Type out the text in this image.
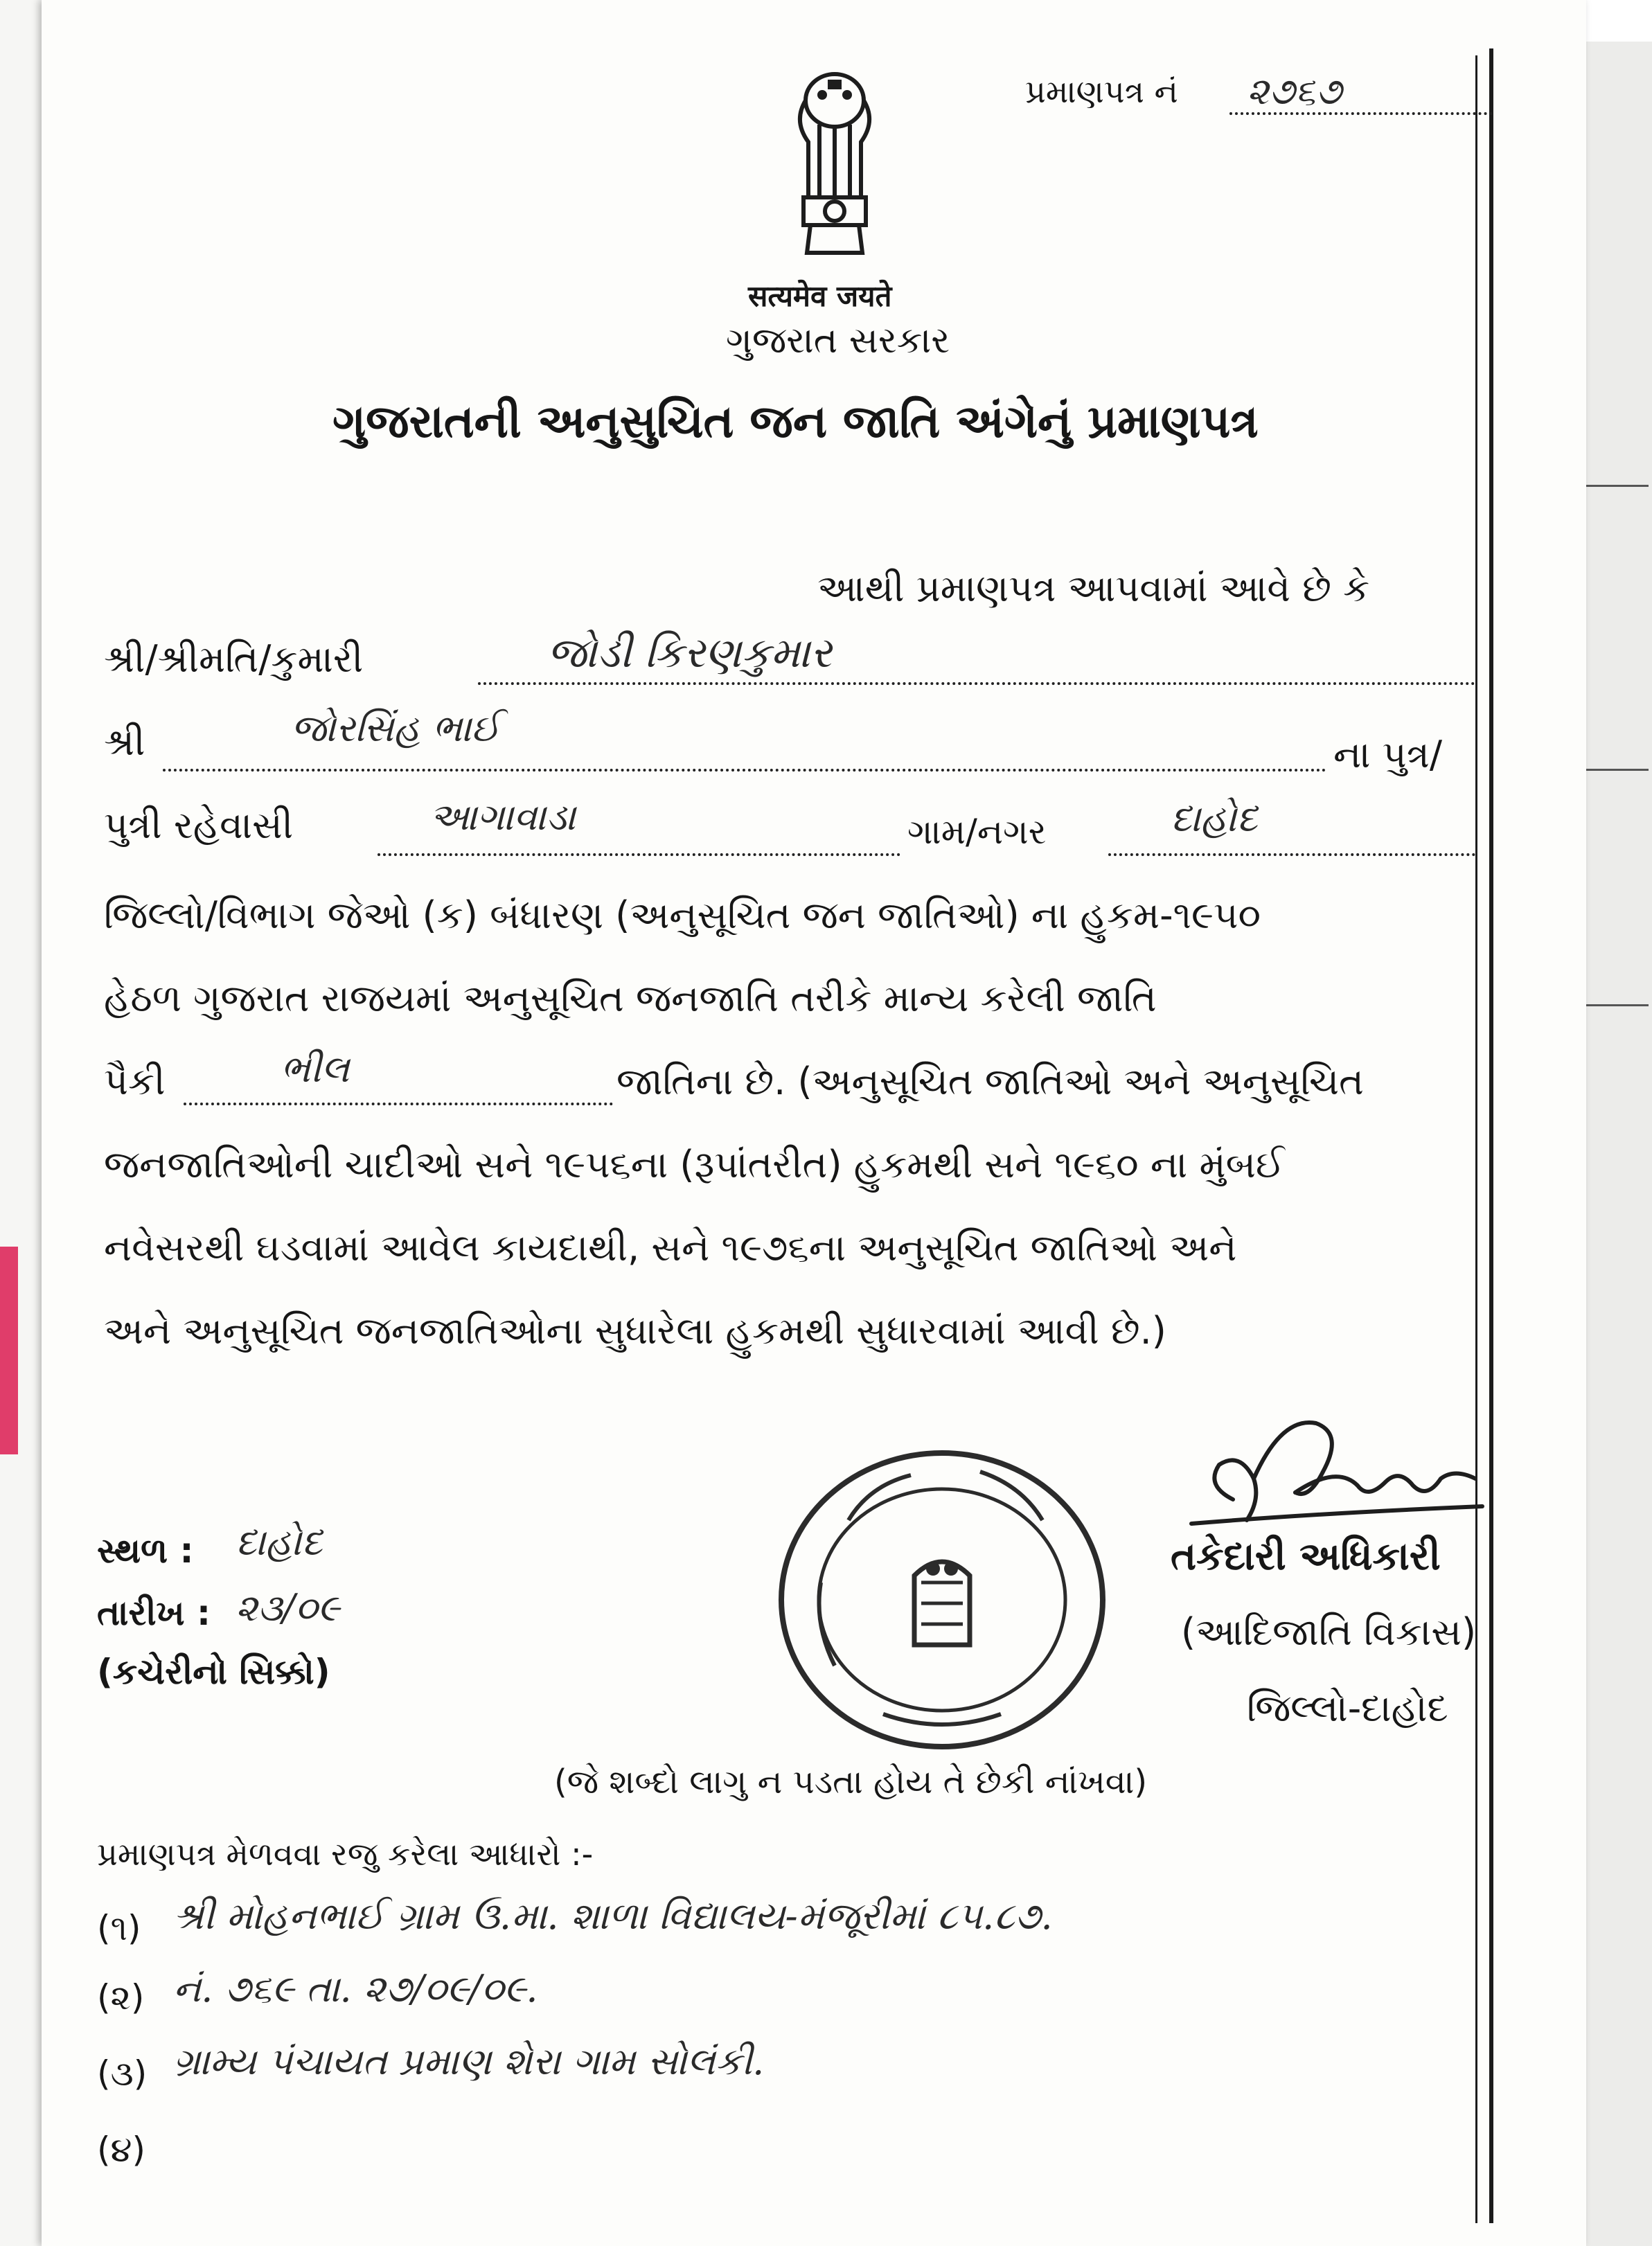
सत्यमेव जयते
ગુજરાત સરકાર
પ્રમાણપત્ર નં ૨૭૬૭
ગુજરાતની અનુસુચિત જન જાતિ અંગેનું પ્રમાણપત્ર
આથી પ્રમાણપત્ર આપવામાં આવે છે કે
શ્રી/શ્રીમતિ/કુમારી	જોડી કિરણકુમાર
શ્રી	જોરસિંહ ભાઈ
ના પુત્ર/
પુત્રી રહેવાસી	આગાવાડા	ગામ/નગર	દાહોદ
જિલ્લો/વિભાગ જેઓ (ક) બંધારણ (અનુસૂચિત જન જાતિઓ) ના હુકમ-૧૯૫૦
હેઠળ ગુજરાત રાજયમાં અનુસૂચિત જનજાતિ તરીકે માન્ય કરેલી જાતિ
પૈકી	ભીલ	જાતિના છે. (અનુસૂચિત જાતિઓ અને અનુસૂચિત
જનજાતિઓની ચાદીઓ સને ૧૯૫૬ના (રૂપાંતરીત) હુકમથી સને ૧૯૬૦ ના મુંબઈ
નવેસરથી ઘડવામાં આવેલ કાયદાથી, સને ૧૯૭૬ના અનુસૂચિત જાતિઓ અને
અને અનુસૂચિત જનજાતિઓના સુધારેલા હુકમથી સુધારવામાં આવી છે.)
સ્થળ : દાહોદ
તારીખ : ૨૩/૦૯
(કચેરીનો સિક્કો)
તકેદારી અધિકારી
(આદિજાતિ વિકાસ)
જિલ્લો-દાહોદ
(જે શબ્દો લાગુ ન પડતા હોય તે છેકી નાંખવા)
પ્રમાણપત્ર મેળવવા રજુ કરેલા આધારો :-
(૧) શ્રી મોહનભાઈ ગ્રામ ઉ.મા. શાળા વિદ્યાલય-મંજૂરીમાં ૮૫.૮૭.
(૨) નં. ૭૬૯ તા. ૨૭/૦૯/૦૯.
(૩) ગ્રામ્ય પંચાયત પ્રમાણ શેરા ગામ સોલંકી.
(૪)
